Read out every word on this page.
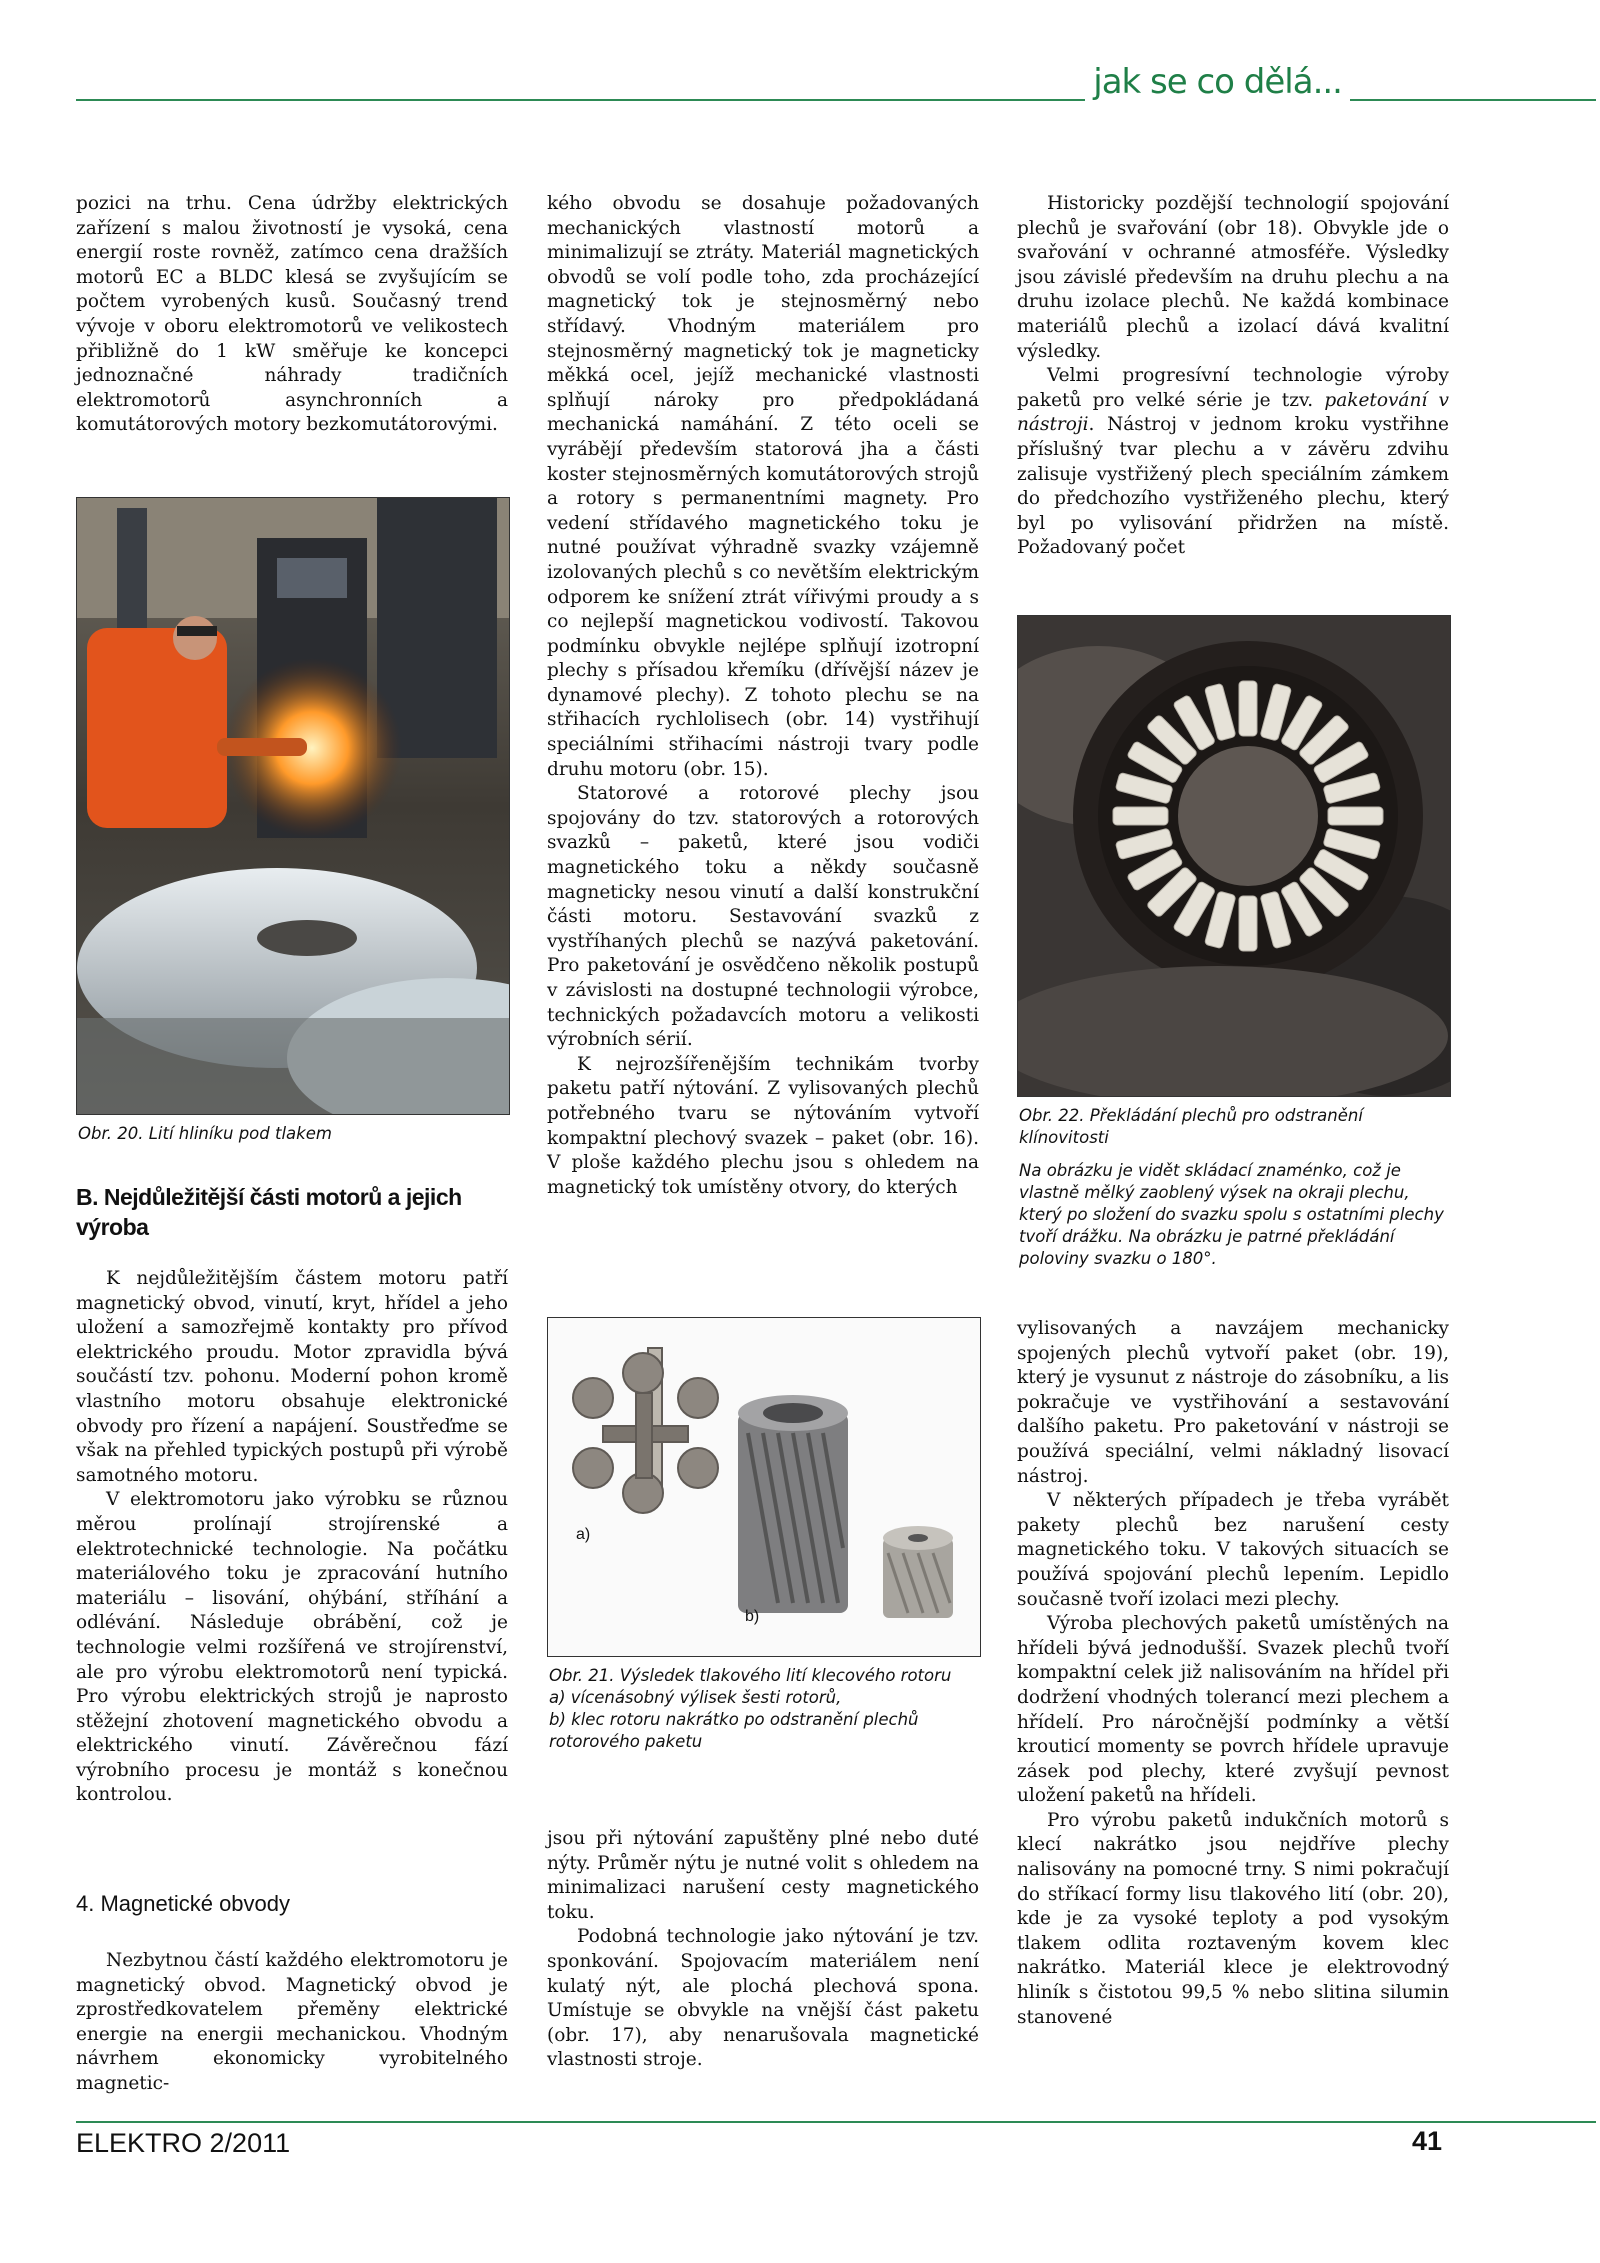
jak se co dělá...

pozici na trhu. Cena údržby elektrických zařízení s malou životností je vysoká, cena energií roste rovněž, zatímco cena dražších motorů EC a BLDC klesá se zvyšujícím se počtem vyrobených kusů. Současný trend vývoje v oboru elektromotorů ve velikostech přibližně do 1 kW směřuje ke koncepci jednoznačné náhrady tradičních elektromotorů asynchronních a komutátorových motory bezkomutátorovými.

Obr. 20. Lití hliníku pod tlakem
B. Nejdůležitější části motorů a jejich výroba

K nejdůležitějším částem motoru patří magnetický obvod, vinutí, kryt, hřídel a jeho uložení a samozřejmě kontakty pro přívod elektrického proudu. Motor zpravidla bývá součástí tzv. pohonu. Moderní pohon kromě vlastního motoru obsahuje elektronické obvody pro řízení a napájení. Soustřeďme se však na přehled typických postupů při výrobě samotného motoru.

V elektromotoru jako výrobku se různou měrou prolínají strojírenské a elektrotechnické technologie. Na počátku materiálového toku je zpracování hutního materiálu – lisování, ohýbání, stříhání a odlévání. Následuje obrábění, což je technologie velmi rozšířená ve strojírenství, ale pro výrobu elektromotorů není typická. Pro výrobu elektrických strojů je naprosto stěžejní zhotovení magnetického obvodu a elektrického vinutí. Závěrečnou fází výrobního procesu je montáž s konečnou kontrolou.

4. Magnetické obvody

Nezbytnou částí každého elektromotoru je magnetický obvod. Magnetický obvod je zprostředkovatelem přeměny elektrické energie na energii mechanickou. Vhodným návrhem ekonomicky vyrobitelného magnetic-

kého obvodu se dosahuje požadovaných mechanických vlastností motorů a minimalizují se ztráty. Materiál magnetických obvodů se volí podle toho, zda procházející magnetický tok je stejnosměrný nebo střídavý. Vhodným materiálem pro stejnosměrný magnetický tok je magneticky měkká ocel, jejíž mechanické vlastnosti splňují nároky pro předpokládaná mechanická namáhání. Z této oceli se vyrábějí především statorová jha a části koster stejnosměrných komutátorových strojů a rotory s permanentními magnety. Pro vedení střídavého magnetického toku je nutné používat výhradně svazky vzájemně izolovaných plechů s co nevětším elektrickým odporem ke snížení ztrát vířivými proudy a s co nejlepší magnetickou vodivostí. Takovou podmínku obvykle nejlépe splňují izotropní plechy s přísadou křemíku (dřívější název je dynamové plechy). Z tohoto plechu se na střihacích rychlolisech (obr. 14) vystřihují speciálními střihacími nástroji tvary podle druhu motoru (obr. 15).

Statorové a rotorové plechy jsou spojovány do tzv. statorových a rotorových svazků – paketů, které jsou vodiči magnetického toku a někdy současně magneticky nesou vinutí a další konstrukční části motoru. Sestavování svazků z vystříhaných plechů se nazývá paketování. Pro paketování je osvědčeno několik postupů v závislosti na dostupné technologii výrobce, technických požadavcích motoru a velikosti výrobních sérií.

K nejrozšířenějším technikám tvorby paketu patří nýtování. Z vylisovaných plechů potřebného tvaru se nýtováním vytvoří kompaktní plechový svazek – paket (obr. 16). V ploše každého plechu jsou s ohledem na magnetický tok umístěny otvory, do kterých

a)
b)
Obr. 21. Výsledek tlakového lití klecového rotoru
a) vícenásobný výlisek šesti rotorů,
b) klec rotoru nakrátko po odstranění plechů rotorového paketu

jsou při nýtování zapuštěny plné nebo duté nýty. Průměr nýtu je nutné volit s ohledem na minimalizaci narušení cesty magnetického toku.

Podobná technologie jako nýtování je tzv. sponkování. Spojovacím materiálem není kulatý nýt, ale plochá plechová spona. Umístuje se obvykle na vnější část paketu (obr. 17), aby nenarušovala magnetické vlastnosti stroje.

Historicky pozdější technologií spojování plechů je svařování (obr 18). Obvykle jde o svařování v ochranné atmosféře. Výsledky jsou závislé především na druhu plechu a na druhu izolace plechů. Ne každá kombinace materiálů plechů a izolací dává kvalitní výsledky.

Velmi progresívní technologie výroby paketů pro velké série je tzv. paketování v nástroji. Nástroj v jednom kroku vystřihne příslušný tvar plechu a v závěru zdvihu zalisuje vystřižený plech speciálním zámkem do předchozího vystřiženého plechu, který byl po vylisování přidržen na místě. Požadovaný počet

Obr. 22. Překládání plechů pro odstranění klínovitosti
Na obrázku je vidět skládací znaménko, což je vlastně mělký zaoblený výsek na okraji plechu, který po složení do svazku spolu s ostatními plechy tvoří drážku. Na obrázku je patrné překládání poloviny svazku o 180°.

vylisovaných a navzájem mechanicky spojených plechů vytvoří paket (obr. 19), který je vysunut z nástroje do zásobníku, a lis pokračuje ve vystřihování a sestavování dalšího paketu. Pro paketování v nástroji se používá speciální, velmi nákladný lisovací nástroj.

V některých případech je třeba vyrábět pakety plechů bez narušení cesty magnetického toku. V takových situacích se používá spojování plechů lepením. Lepidlo současně tvoří izolaci mezi plechy.

Výroba plechových paketů umístěných na hřídeli bývá jednodušší. Svazek plechů tvoří kompaktní celek již nalisováním na hřídel při dodržení vhodných tolerancí mezi plechem a hřídelí. Pro náročnější podmínky a větší krouticí momenty se povrch hřídele upravuje zásek pod plechy, které zvyšují pevnost uložení paketů na hřídeli.

Pro výrobu paketů indukčních motorů s klecí nakrátko jsou nejdříve plechy nalisovány na pomocné trny. S nimi pokračují do stříkací formy lisu tlakového lití (obr. 20), kde je za vysoké teploty a pod vysokým tlakem odlita roztaveným kovem klec nakrátko. Materiál klece je elektrovodný hliník s čistotou 99,5 % nebo slitina silumin stanovené

ELEKTRO 2/2011	41
